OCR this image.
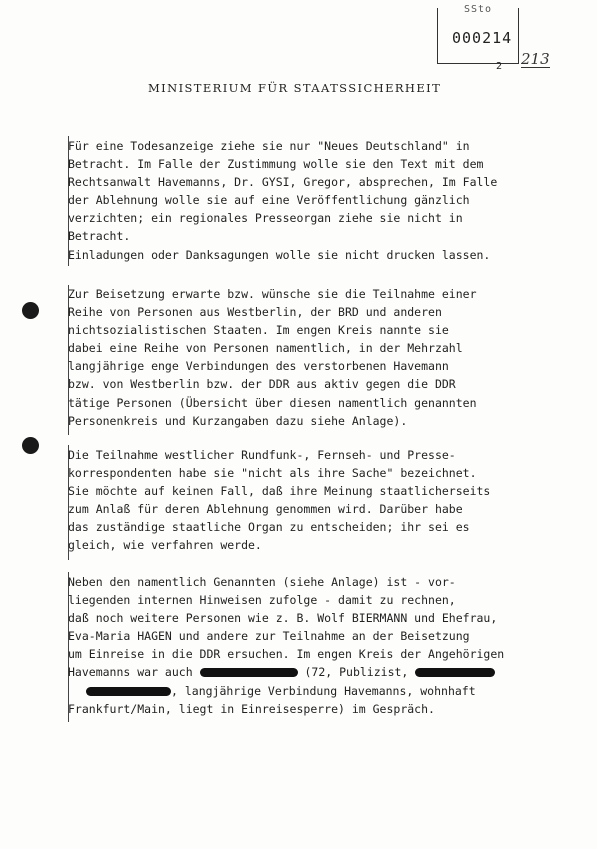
SSto
000214
2 213
MINISTERIUM FÜR STAATSSICHERHEIT
Für eine Todesanzeige ziehe sie nur "Neues Deutschland" in
Betracht. Im Falle der Zustimmung wolle sie den Text mit dem
Rechtsanwalt Havemanns, Dr. GYSI, Gregor, absprechen, Im Falle
der Ablehnung wolle sie auf eine Veröffentlichung gänzlich
verzichten; ein regionales Presseorgan ziehe sie nicht in
Betracht.
Einladungen oder Danksagungen wolle sie nicht drucken lassen.
Zur Beisetzung erwarte bzw. wünsche sie die Teilnahme einer
Reihe von Personen aus Westberlin, der BRD und anderen
nichtsozialistischen Staaten. Im engen Kreis nannte sie
dabei eine Reihe von Personen namentlich, in der Mehrzahl
langjährige enge Verbindungen des verstorbenen Havemann
bzw. von Westberlin bzw. der DDR aus aktiv gegen die DDR
tätige Personen (Übersicht über diesen namentlich genannten
Personenkreis und Kurzangaben dazu siehe Anlage).
Die Teilnahme westlicher Rundfunk-, Fernseh- und Presse-
korrespondenten habe sie "nicht als ihre Sache" bezeichnet.
Sie möchte auf keinen Fall, daß ihre Meinung staatlicherseits
zum Anlaß für deren Ablehnung genommen wird. Darüber habe
das zuständige staatliche Organ zu entscheiden; ihr sei es
gleich, wie verfahren werde.
Neben den namentlich Genannten (siehe Anlage) ist - vor-
liegenden internen Hinweisen zufolge - damit zu rechnen,
daß noch weitere Personen wie z. B. Wolf BIERMANN und Ehefrau,
Eva-Maria HAGEN und andere zur Teilnahme an der Beisetzung
um Einreise in die DDR ersuchen. Im engen Kreis der Angehörigen
Havemanns war auch	(72, Publizist,
, langjährige Verbindung Havemanns, wohnhaft
Frankfurt/Main, liegt in Einreisesperre) im Gespräch.
